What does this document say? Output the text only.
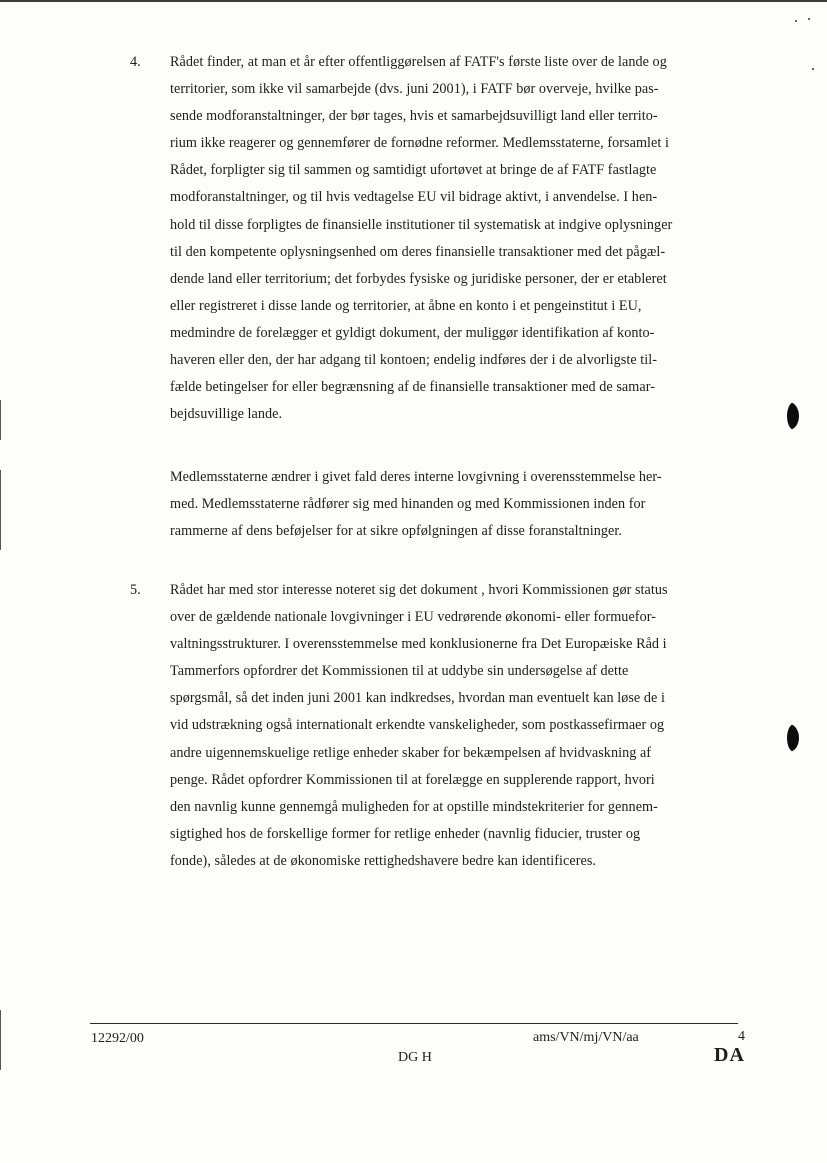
4. Rådet finder, at man et år efter offentliggørelsen af FATF's første liste over de lande og
territorier, som ikke vil samarbejde (dvs. juni 2001), i FATF bør overveje, hvilke pas-
sende modforanstaltninger, der bør tages, hvis et samarbejdsuvilligt land eller territo-
rium ikke reagerer og gennemfører de fornødne reformer. Medlemsstaterne, forsamlet i
Rådet, forpligter sig til sammen og samtidigt ufortøvet at bringe de af FATF fastlagte
modforanstaltninger, og til hvis vedtagelse EU vil bidrage aktivt, i anvendelse. I hen-
hold til disse forpligtes de finansielle institutioner til systematisk at indgive oplysninger
til den kompetente oplysningsenhed om deres finansielle transaktioner med det pågæl-
dende land eller territorium; det forbydes fysiske og juridiske personer, der er etableret
eller registreret i disse lande og territorier, at åbne en konto i et pengeinstitut i EU,
medmindre de forelægger et gyldigt dokument, der muliggør identifikation af konto-
haveren eller den, der har adgang til kontoen; endelig indføres der i de alvorligste til-
fælde betingelser for eller begrænsning af de finansielle transaktioner med de samar-
bejdsuvillige lande.
Medlemsstaterne ændrer i givet fald deres interne lovgivning i overensstemmelse her-
med. Medlemsstaterne rådfører sig med hinanden og med Kommissionen inden for
rammerne af dens beføjelser for at sikre opfølgningen af disse foranstaltninger.
5. Rådet har med stor interesse noteret sig det dokument , hvori Kommissionen gør status
over de gældende nationale lovgivninger i EU vedrørende økonomi- eller formuefor-
valtningsstrukturer. I overensstemmelse med konklusionerne fra Det Europæiske Råd i
Tammerfors opfordrer det Kommissionen til at uddybe sin undersøgelse af dette
spørgsmål, så det inden juni 2001 kan indkredses, hvordan man eventuelt kan løse de i
vid udstrækning også internationalt erkendte vanskeligheder, som postkassefirmaer og
andre uigennemskuelige retlige enheder skaber for bekæmpelsen af hvidvaskning af
penge. Rådet opfordrer Kommissionen til at forelægge en supplerende rapport, hvori
den navnlig kunne gennemgå muligheden for at opstille mindstekriterier for gennem-
sigtighed hos de forskellige former for retlige enheder (navnlig fiducier, truster og
fonde), således at de økonomiske rettighedshavere bedre kan identificeres.
12292/00	ams/VN/mj/VN/aa	4
DG H	DA
